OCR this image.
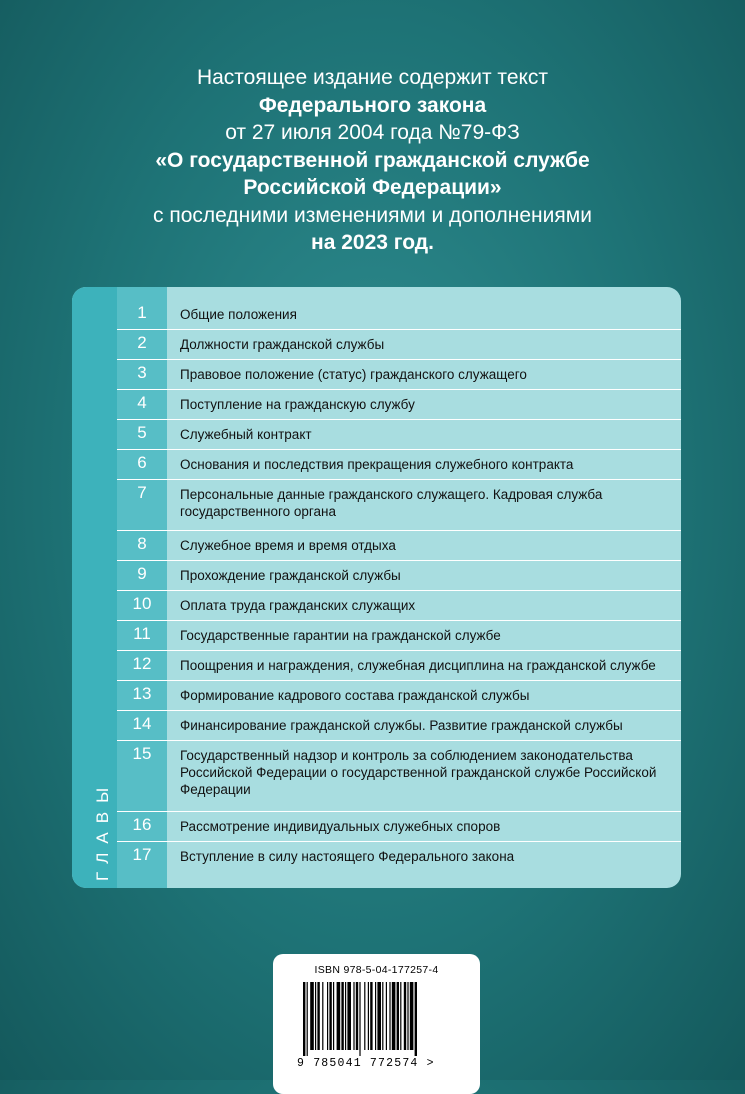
Настоящее издание содержит текст
Федерального закона
от 27 июля 2004 года №79-ФЗ
«О государственной гражданской службе
Российской Федерации»
с последними изменениями и дополнениями
на 2023 год.
ГЛАВЫ
1	Общие положения
2	Должности гражданской службы
3	Правовое положение (статус) гражданского служащего
4	Поступление на гражданскую службу
5	Служебный контракт
6	Основания и последствия прекращения служебного контракта
7	Персональные данные гражданского служащего. Кадровая служба государственного органа
8	Служебное время и время отдыха
9	Прохождение гражданской службы
10	Оплата труда гражданских служащих
11	Государственные гарантии на гражданской службе
12	Поощрения и награждения, служебная дисциплина на гражданской службе
13	Формирование кадрового состава гражданской службы
14	Финансирование гражданской службы. Развитие гражданской службы
15	Государственный надзор и контроль за соблюдением законодательства Российской Федерации о государственной гражданской службе Российской Федерации
16	Рассмотрение индивидуальных служебных споров
17	Вступление в силу настоящего Федерального закона
ISBN 978-5-04-177257-4
9 785041 772574 >
